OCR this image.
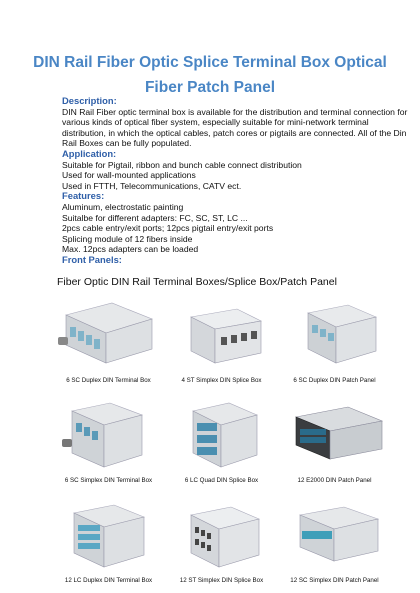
DIN Rail Fiber Optic Splice Terminal Box Optical
Fiber Patch Panel
Description:

DIN Rail Fiber optic terminal box is available for the distribution and terminal connection for

various kinds of optical fiber system, especially suitable for mini-network terminal

distribution, in which the optical cables, patch cores or pigtails are connected. All of the Din

Rail Boxes can be fully populated.

Application:

Suitable for Pigtail, ribbon and bunch cable connect distribution

Used for wall-mounted applications

Used in FTTH, Telecommunications, CATV ect.

Features:

Aluminum, electrostatic painting

Suitalbe for different adapters: FC, SC, ST, LC ...

2pcs cable entry/exit ports; 12pcs pigtail entry/exit ports

Splicing module of 12 fibers inside

Max. 12pcs adapters can be loaded

Front Panels:
Fiber Optic DIN Rail Terminal Boxes/Splice Box/Patch Panel
6 SC Duplex DIN Terminal Box	4 ST Simplex DIN Splice Box	6 SC Duplex DIN Patch Panel
6 SC Simplex DIN Terminal Box	6 LC Quad DIN Splice Box	12 E2000 DIN Patch Panel
12 LC Duplex DIN Terminal Box	12 ST Simplex DIN Splice Box	12 SC Simplex DIN Patch Panel
